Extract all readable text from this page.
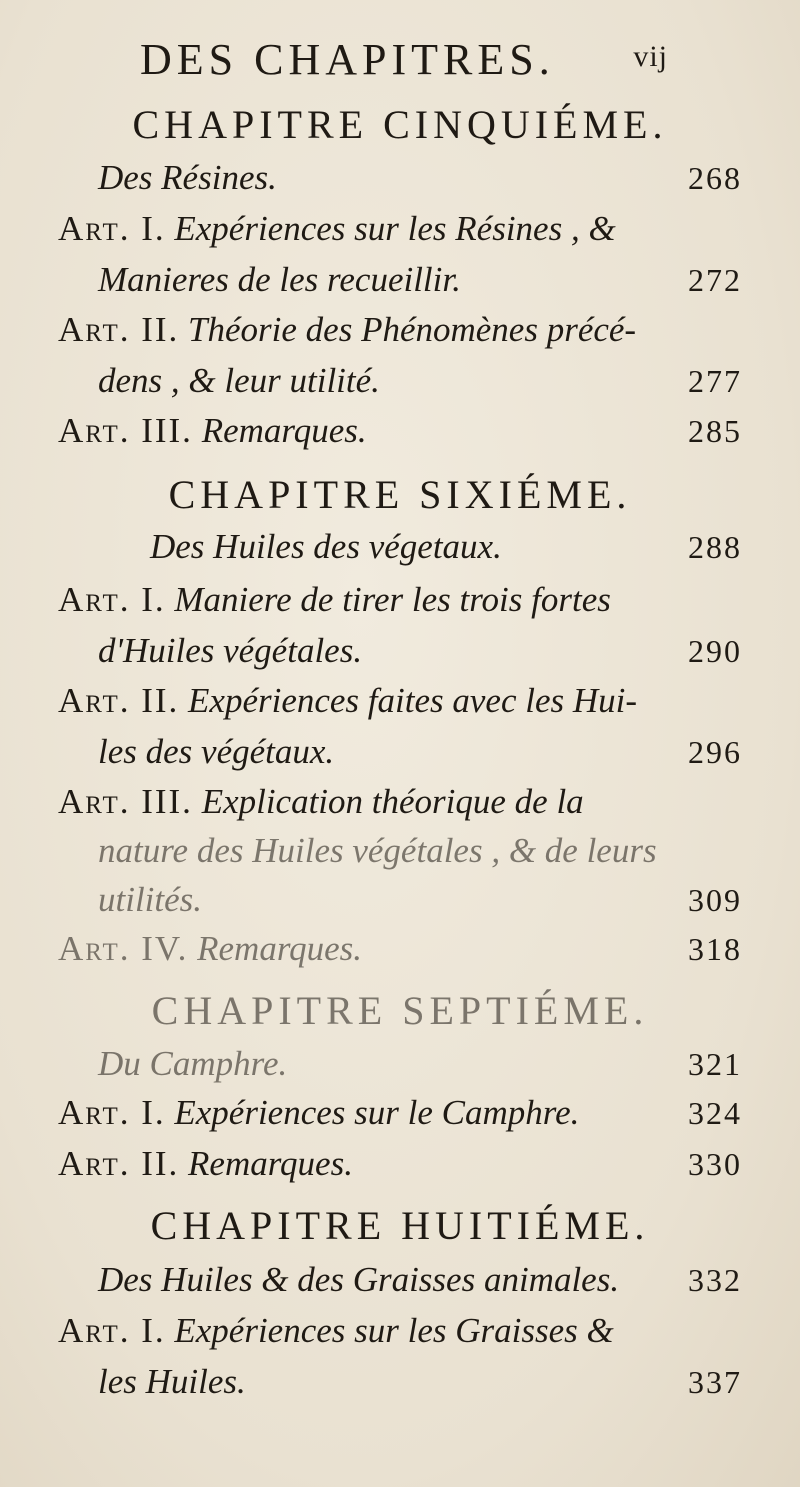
DES CHAPITRES.	vij
CHAPITRE CINQUIÉME.
Des Résines.	268
Art. I. Expériences sur les Résines , &
Manieres de les recueillir.	272
Art. II. Théorie des Phénomènes précé-
dens , & leur utilité.	277
Art. III. Remarques.	285
CHAPITRE SIXIÉME.
Des Huiles des végetaux.	288
Art. I. Maniere de tirer les trois fortes
d'Huiles végétales.	290
Art. II. Expériences faites avec les Hui-
les des végétaux.	296
Art. III. Explication théorique de la
nature des Huiles végétales , & de leurs
utilités.	309
Art. IV. Remarques.	318
CHAPITRE SEPTIÉME.
Du Camphre.	321
Art. I. Expériences sur le Camphre.	324
Art. II. Remarques.	330
CHAPITRE HUITIÉME.
Des Huiles & des Graisses animales. 332
Art. I. Expériences sur les Graisses &
les Huiles.	337
